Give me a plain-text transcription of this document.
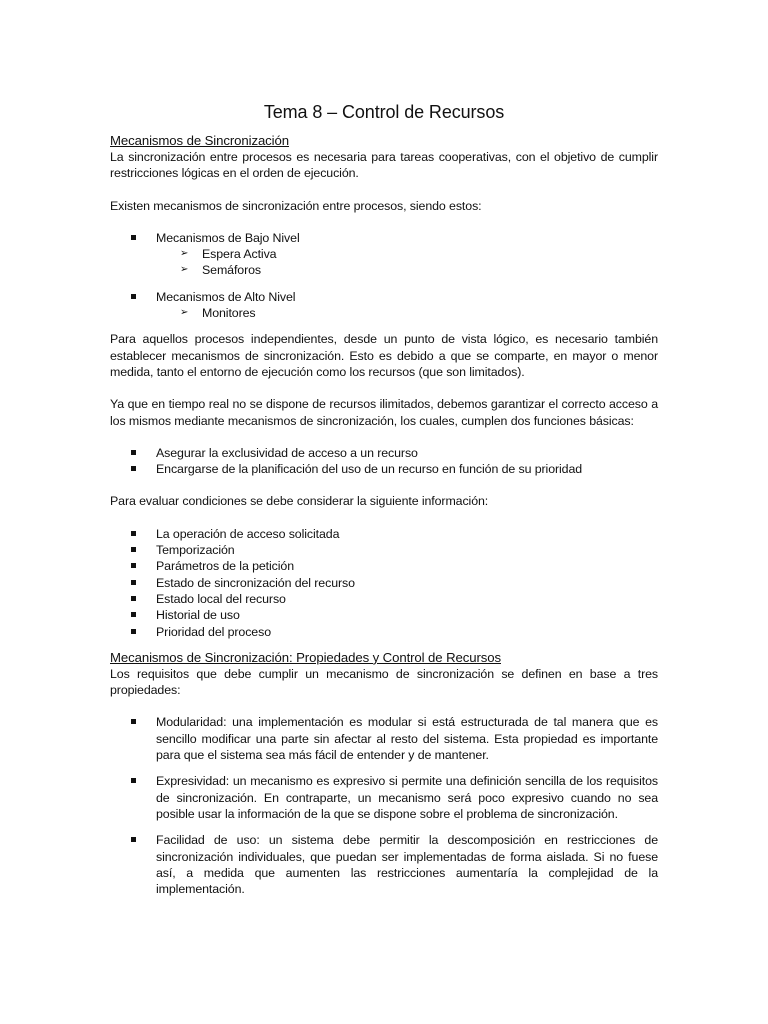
Tema 8 – Control de Recursos
Mecanismos de Sincronización

La sincronización entre procesos es necesaria para tareas cooperativas, con el objetivo de cumplir restricciones lógicas en el orden de ejecución.

Existen mecanismos de sincronización entre procesos, siendo estos:

Mecanismos de Bajo Nivel
➢ Espera Activa
➢ Semáforos
Mecanismos de Alto Nivel
➢ Monitores

Para aquellos procesos independientes, desde un punto de vista lógico, es necesario también establecer mecanismos de sincronización. Esto es debido a que se comparte, en mayor o menor medida, tanto el entorno de ejecución como los recursos (que son limitados).

Ya que en tiempo real no se dispone de recursos ilimitados, debemos garantizar el correcto acceso a los mismos mediante mecanismos de sincronización, los cuales, cumplen dos funciones básicas:

Asegurar la exclusividad de acceso a un recurso
Encargarse de la planificación del uso de un recurso en función de su prioridad

Para evaluar condiciones se debe considerar la siguiente información:

La operación de acceso solicitada
Temporización
Parámetros de la petición
Estado de sincronización del recurso
Estado local del recurso
Historial de uso
Prioridad del proceso
Mecanismos de Sincronización: Propiedades y Control de Recursos

Los requisitos que debe cumplir un mecanismo de sincronización se definen en base a tres propiedades:

Modularidad: una implementación es modular si está estructurada de tal manera que es sencillo modificar una parte sin afectar al resto del sistema. Esta propiedad es importante para que el sistema sea más fácil de entender y de mantener.
Expresividad: un mecanismo es expresivo si permite una definición sencilla de los requisitos de sincronización. En contraparte, un mecanismo será poco expresivo cuando no sea posible usar la información de la que se dispone sobre el problema de sincronización.
Facilidad de uso: un sistema debe permitir la descomposición en restricciones de sincronización individuales, que puedan ser implementadas de forma aislada. Si no fuese así, a medida que aumenten las restricciones aumentaría la complejidad de la implementación.
